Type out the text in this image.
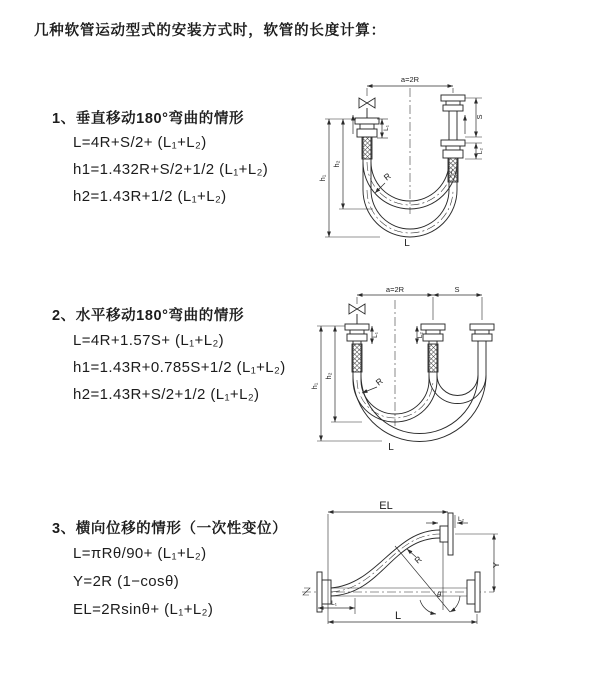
几种软管运动型式的安装方式时，软管的长度计算：
1、垂直移动180°弯曲的情形
L=4R+S/2+ (L₁+L₂)
h1=1.432R+S/2+1/2 (L₁+L₂)
h2=1.43R+1/2 (L₁+L₂)
2、水平移动180°弯曲的情形
L=4R+1.57S+ (L₁+L₂)
h1=1.43R+0.785S+1/2 (L₁+L₂)
h2=1.43R+S/2+1/2 (L₁+L₂)
3、横向位移的情形（一次性变位）
L=πRθ/90+ (L₁+L₂)
Y=2R (1−cosθ)
EL=2Rsinθ+ (L₁+L₂)
a=2R
L₁
S
L₂
h₁
h₂
R
L
a=2R	S
L₁	L₂
h₁
h₂	R
L
EL
L₂
Y
R
θ
L
L₁
